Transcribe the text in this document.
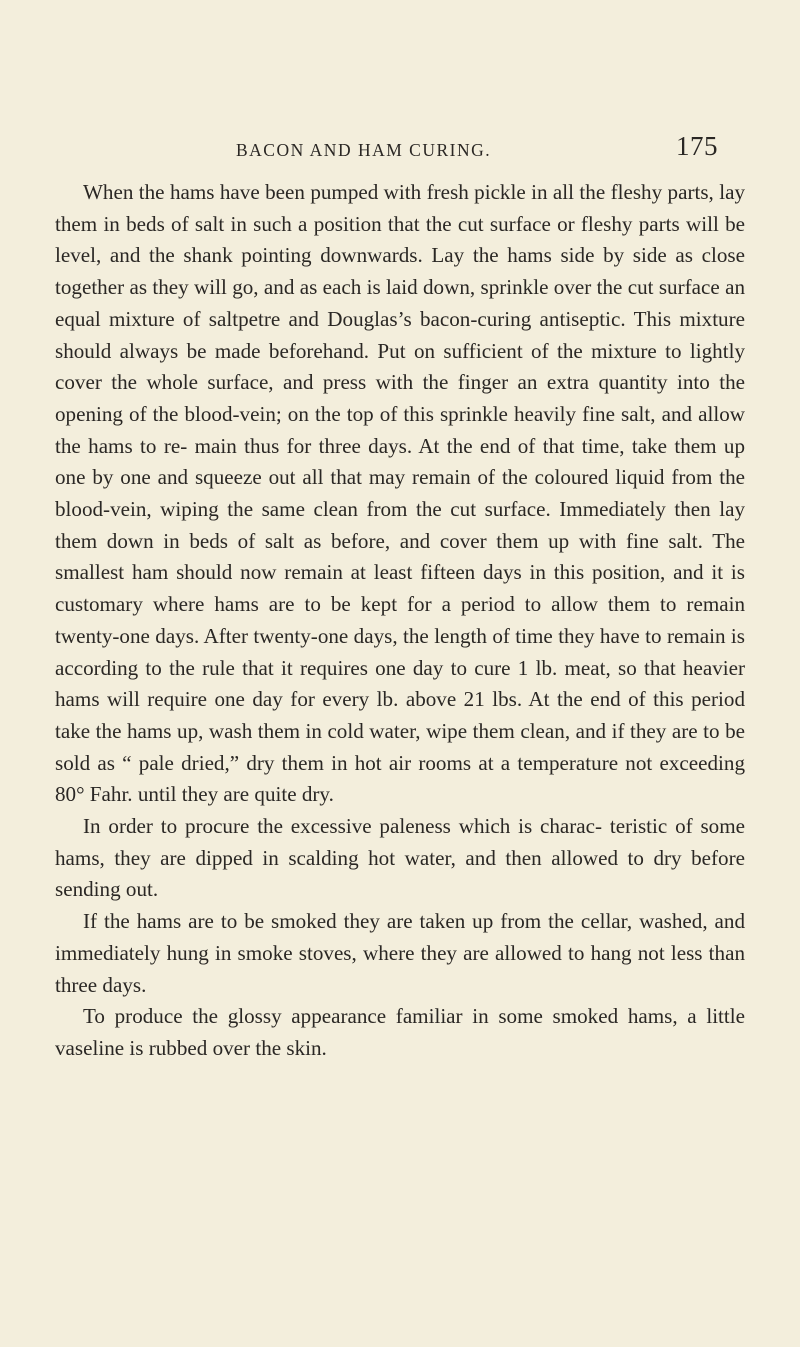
BACON AND HAM CURING.	175

When the hams have been pumped with fresh pickle in all the fleshy parts, lay them in beds of salt in such a position that the cut surface or fleshy parts will be level, and the shank pointing downwards. Lay the hams side by side as close together as they will go, and as each is laid down, sprinkle over the cut surface an equal mixture of saltpetre and Douglas’s bacon-curing antiseptic. This mixture should always be made beforehand. Put on sufficient of the mixture to lightly cover the whole surface, and press with the finger an extra quantity into the opening of the blood-vein; on the top of this sprinkle heavily fine salt, and allow the hams to re- main thus for three days. At the end of that time, take them up one by one and squeeze out all that may remain of the coloured liquid from the blood-vein, wiping the same clean from the cut surface. Immediately then lay them down in beds of salt as before, and cover them up with fine salt. The smallest ham should now remain at least fifteen days in this position, and it is customary where hams are to be kept for a period to allow them to remain twenty-one days. After twenty-one days, the length of time they have to remain is according to the rule that it requires one day to cure 1 lb. meat, so that heavier hams will require one day for every lb. above 21 lbs. At the end of this period take the hams up, wash them in cold water, wipe them clean, and if they are to be sold as “ pale dried,” dry them in hot air rooms at a temperature not exceeding 80° Fahr. until they are quite dry.

In order to procure the excessive paleness which is charac- teristic of some hams, they are dipped in scalding hot water, and then allowed to dry before sending out.

If the hams are to be smoked they are taken up from the cellar, washed, and immediately hung in smoke stoves, where they are allowed to hang not less than three days.

To produce the glossy appearance familiar in some smoked hams, a little vaseline is rubbed over the skin.
